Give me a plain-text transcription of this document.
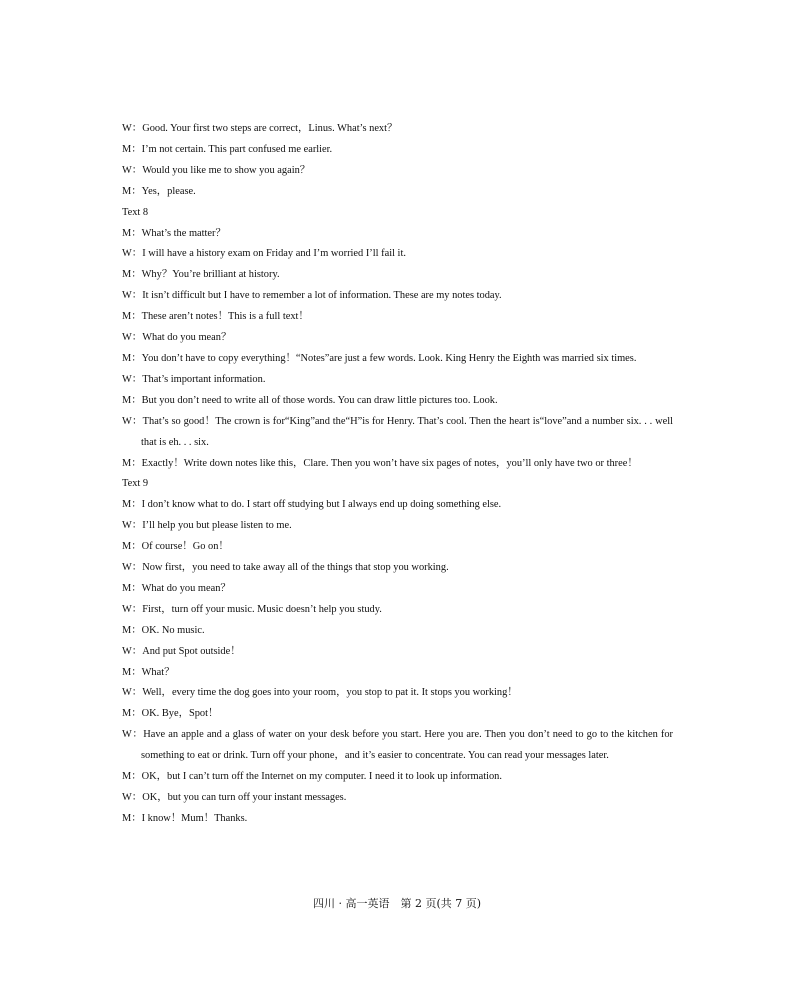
W：Good. Your first two steps are correct，Linus. What’s next？
M：I’m not certain. This part confused me earlier.
W：Would you like me to show you again？
M：Yes，please.
Text 8
M：What’s the matter？
W：I will have a history exam on Friday and I’m worried I’ll fail it.
M：Why？You’re brilliant at history.
W：It isn’t difficult but I have to remember a lot of information. These are my notes today.
M：These aren’t notes！This is a full text！
W：What do you mean？
M：You don’t have to copy everything！“Notes”are just a few words. Look. King Henry the Eighth was married six times.
W：That’s important information.
M：But you don’t need to write all of those words. You can draw little pictures too. Look.
W：That’s so good！The crown is for“King”and the“H”is for Henry. That’s cool. Then the heart is“love”and a number six. . . well that is eh. . . six.
M：Exactly！Write down notes like this，Clare. Then you won’t have six pages of notes，you’ll only have two or three！
Text 9
M：I don’t know what to do. I start off studying but I always end up doing something else.
W：I’ll help you but please listen to me.
M：Of course！Go on！
W：Now first，you need to take away all of the things that stop you working.
M：What do you mean？
W：First，turn off your music. Music doesn’t help you study.
M：OK. No music.
W：And put Spot outside！
M：What？
W：Well，every time the dog goes into your room，you stop to pat it. It stops you working！
M：OK. Bye，Spot！
W：Have an apple and a glass of water on your desk before you start. Here you are. Then you don’t need to go to the kitchen for something to eat or drink. Turn off your phone，and it’s easier to concentrate. You can read your messages later.
M：OK，but I can’t turn off the Internet on my computer. I need it to look up information.
W：OK，but you can turn off your instant messages.
M：I know！Mum！Thanks.
四川 · 高一英语　第 2 页(共 7 页)
